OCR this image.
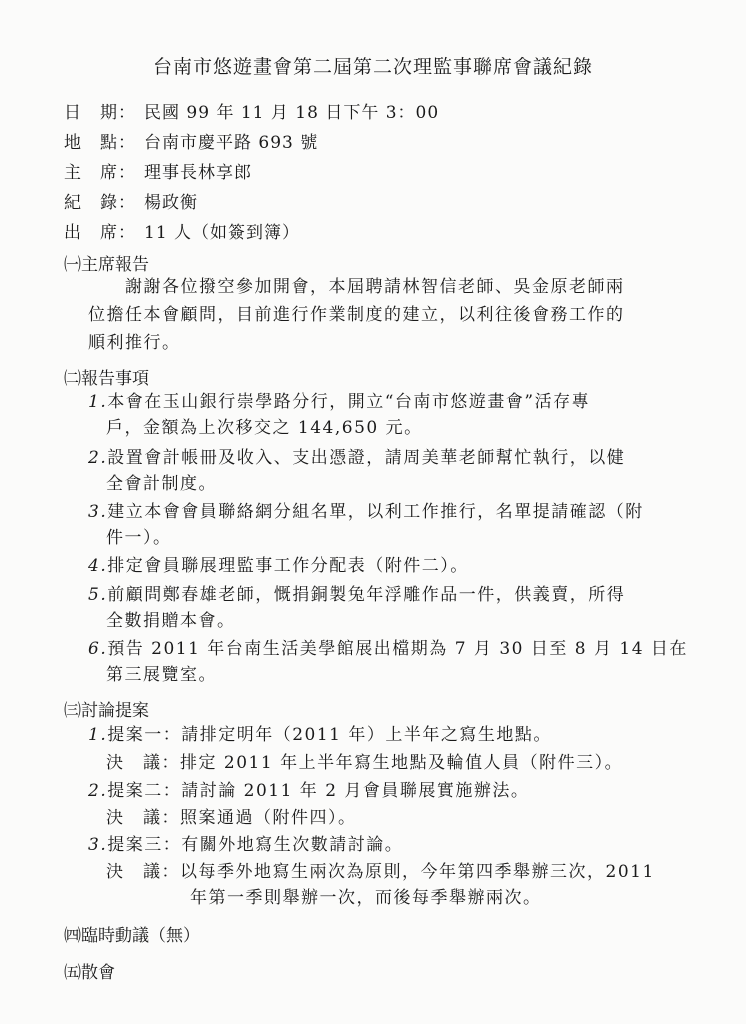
台南市悠遊畫會第二屆第二次理監事聯席會議紀錄
日　期： 民國 99 年 11 月 18 日下午 3：00
地　點： 台南市慶平路 693 號
主　席： 理事長林享郎
紀　錄： 楊政衡
出　席： 11 人（如簽到簿）
㈠主席報告
謝謝各位撥空參加開會，本屆聘請林智信老師、吳金原老師兩
位擔任本會顧問，目前進行作業制度的建立，以利往後會務工作的
順利推行。
㈡報告事項
1.本會在玉山銀行崇學路分行，開立“台南市悠遊畫會”活存專
戶，金額為上次移交之 144,650 元。
2.設置會計帳冊及收入、支出憑證，請周美華老師幫忙執行，以健
全會計制度。
3.建立本會會員聯絡網分組名單，以利工作推行，名單提請確認（附
件一）。
4.排定會員聯展理監事工作分配表（附件二）。
5.前顧問鄭春雄老師，慨捐銅製兔年浮雕作品一件，供義賣，所得
全數捐贈本會。
6.預告 2011 年台南生活美學館展出檔期為 7 月 30 日至 8 月 14 日在
第三展覽室。
㈢討論提案
1.提案一：請排定明年（2011 年）上半年之寫生地點。
決　議：排定 2011 年上半年寫生地點及輪值人員（附件三）。
2.提案二：請討論 2011 年 2 月會員聯展實施辦法。
決　議：照案通過（附件四）。
3.提案三：有關外地寫生次數請討論。
決　議：以每季外地寫生兩次為原則，今年第四季舉辦三次，2011
年第一季則舉辦一次，而後每季舉辦兩次。
㈣臨時動議（無）
㈤散會
